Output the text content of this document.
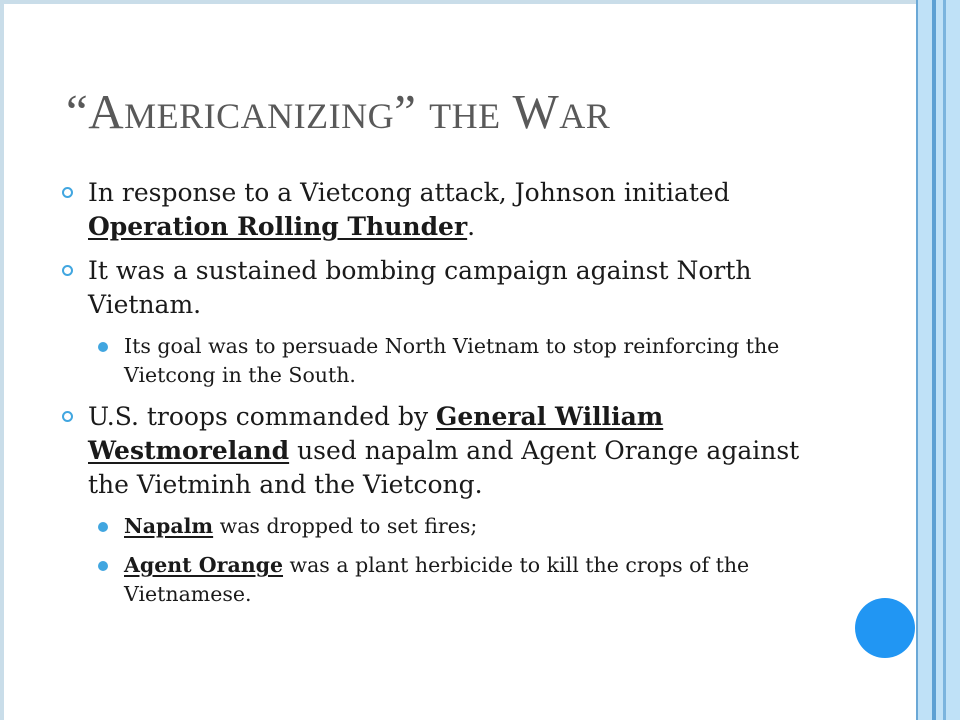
“AMERICANIZING” THE WAR
In response to a Vietcong attack, Johnson initiated Operation Rolling Thunder.
It was a sustained bombing campaign against North Vietnam.
Its goal was to persuade North Vietnam to stop reinforcing the Vietcong in the South.
U.S. troops commanded by General William Westmoreland used napalm and Agent Orange against the Vietminh and the Vietcong.
Napalm was dropped to set fires;
Agent Orange was a plant herbicide to kill the crops of the Vietnamese.
